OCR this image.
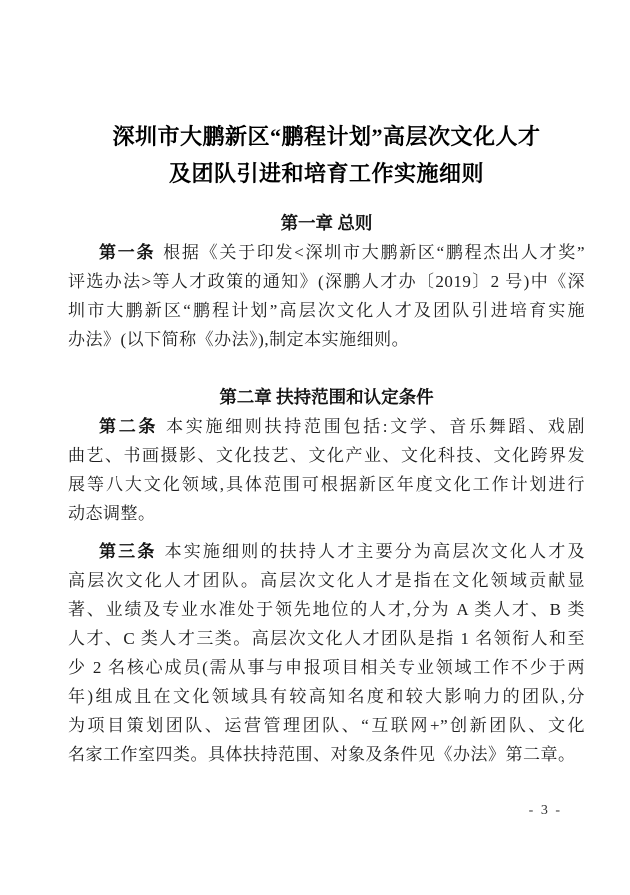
深圳市大鹏新区“鹏程计划”高层次文化人才
及团队引进和培育工作实施细则
第一章 总则
第一条 根据《关于印发<深圳市大鹏新区“鹏程杰出人才奖”
评选办法>等人才政策的通知》(深鹏人才办〔2019〕2 号)中《深
圳市大鹏新区“鹏程计划”高层次文化人才及团队引进培育实施
办法》(以下简称《办法》),制定本实施细则。
第二章 扶持范围和认定条件
第二条 本实施细则扶持范围包括:文学、音乐舞蹈、戏剧
曲艺、书画摄影、文化技艺、文化产业、文化科技、文化跨界发
展等八大文化领域,具体范围可根据新区年度文化工作计划进行
动态调整。
第三条 本实施细则的扶持人才主要分为高层次文化人才及
高层次文化人才团队。高层次文化人才是指在文化领域贡献显
著、业绩及专业水准处于领先地位的人才,分为 A 类人才、B 类
人才、C 类人才三类。高层次文化人才团队是指 1 名领衔人和至
少 2 名核心成员(需从事与申报项目相关专业领域工作不少于两
年)组成且在文化领域具有较高知名度和较大影响力的团队,分
为项目策划团队、运营管理团队、“互联网+”创新团队、文化
名家工作室四类。具体扶持范围、对象及条件见《办法》第二章。
- 3 -
